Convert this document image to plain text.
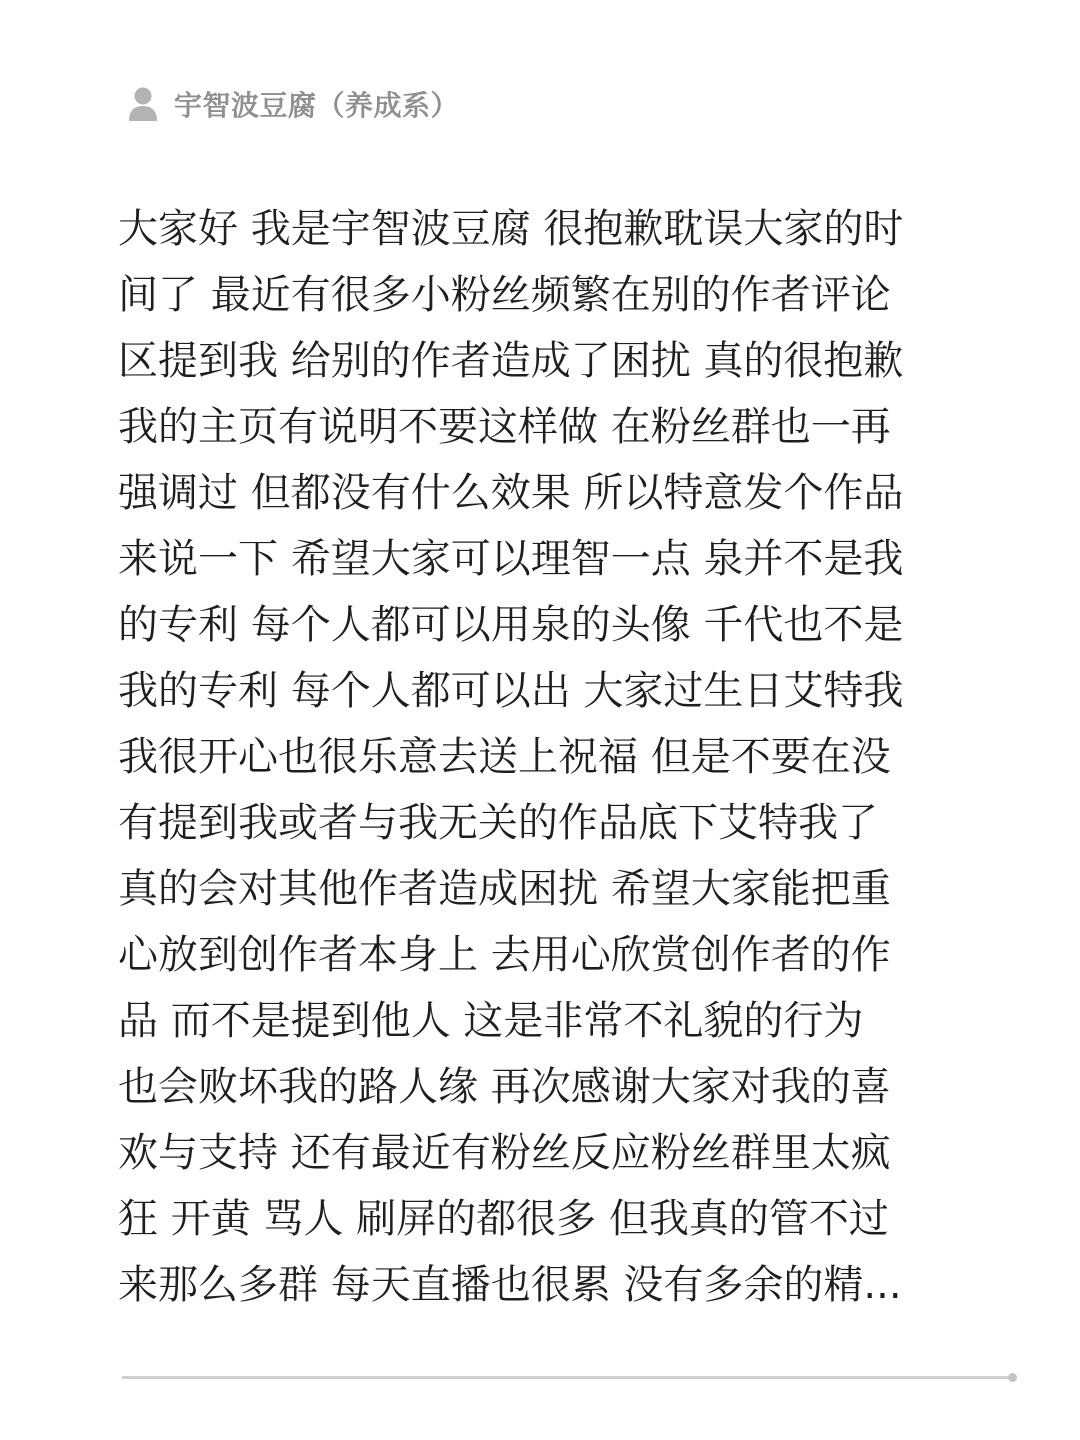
宇智波豆腐（养成系）
大家好 我是宇智波豆腐 很抱歉耽误大家的时
间了 最近有很多小粉丝频繁在别的作者评论
区提到我 给别的作者造成了困扰 真的很抱歉
我的主页有说明不要这样做 在粉丝群也一再
强调过 但都没有什么效果 所以特意发个作品
来说一下 希望大家可以理智一点 泉并不是我
的专利 每个人都可以用泉的头像 千代也不是
我的专利 每个人都可以出 大家过生日艾特我
我很开心也很乐意去送上祝福 但是不要在没
有提到我或者与我无关的作品底下艾特我了
真的会对其他作者造成困扰 希望大家能把重
心放到创作者本身上 去用心欣赏创作者的作
品 而不是提到他人 这是非常不礼貌的行为
也会败坏我的路人缘 再次感谢大家对我的喜
欢与支持 还有最近有粉丝反应粉丝群里太疯
狂 开黄 骂人 刷屏的都很多 但我真的管不过
来那么多群 每天直播也很累 没有多余的精...
